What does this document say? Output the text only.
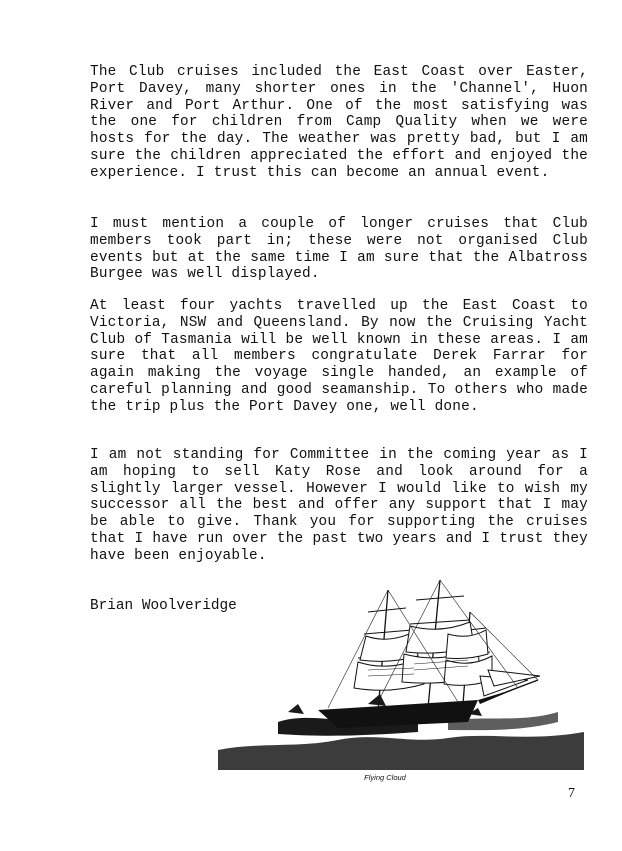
The Club cruises included the East Coast over Easter, Port Davey, many shorter ones in the 'Channel', Huon River and Port Arthur. One of the most satisfying was the one for children from Camp Quality when we were hosts for the day. The weather was pretty bad, but I am sure the children appreciated the effort and enjoyed the experience. I trust this can become an annual event.

I must mention a couple of longer cruises that Club members took part in; these were not organised Club events but at the same time I am sure that the Albatross Burgee was well displayed.

At least four yachts travelled up the East Coast to Victoria, NSW and Queensland. By now the Cruising Yacht Club of Tasmania will be well known in these areas. I am sure that all members congratulate Derek Farrar for again making the voyage single handed, an example of careful planning and good seamanship. To others who made the trip plus the Port Davey one, well done.

I am not standing for Committee in the coming year as I am hoping to sell Katy Rose and look around for a slightly larger vessel. However I would like to wish my successor all the best and offer any support that I may be able to give. Thank you for supporting the cruises that I have run over the past two years and I trust they have been enjoyable.

Brian Woolveridge

Flying Cloud
7
